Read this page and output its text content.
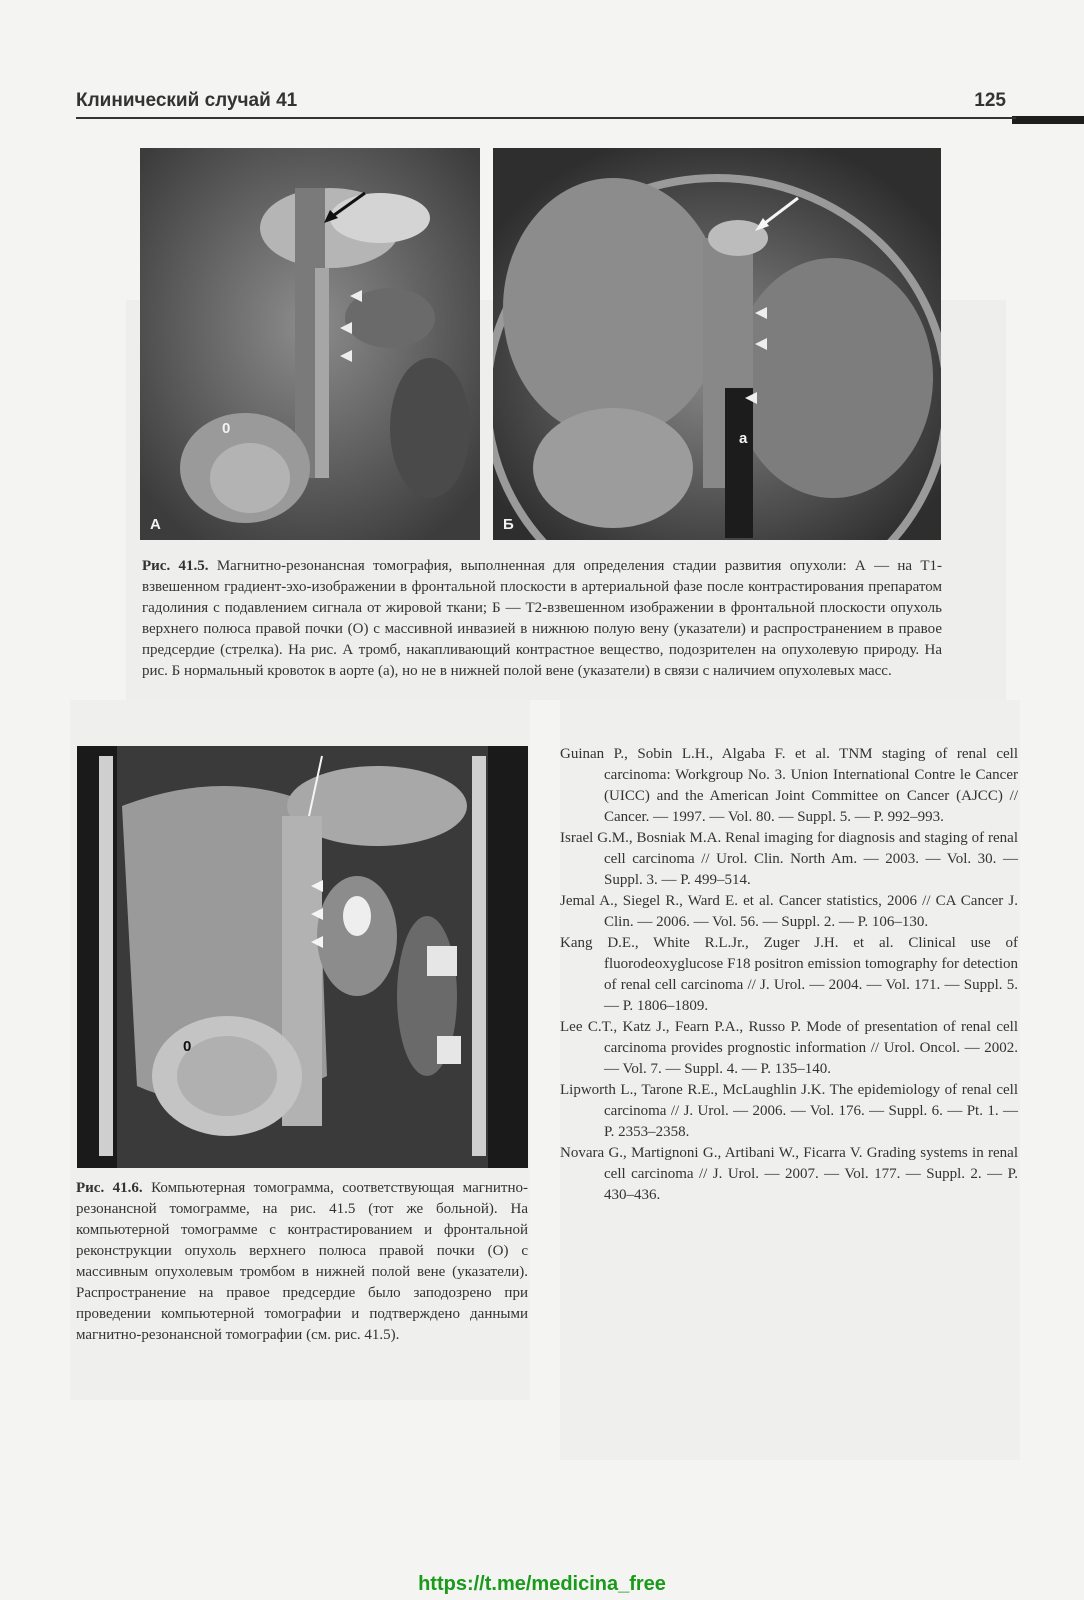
Клинический случай 41	125
0
А
а
Б
Рис. 41.5. Магнитно-резонансная томография, выполненная для определения стадии развития опухоли: А — на Т1-взвешенном градиент-эхо-изображении в фронтальной плоскости в артериальной фазе после контрастирования препаратом гадолиния с подавлением сигнала от жировой ткани; Б — Т2-взвешенном изображении в фронтальной плоскости опухоль верхнего полюса правой почки (О) с массивной инвазией в нижнюю полую вену (указатели) и распространением в правое предсердие (стрелка). На рис. А тромб, накапливающий контрастное вещество, подозрителен на опухолевую природу. На рис. Б нормальный кровоток в аорте (а), но не в нижней полой вене (указатели) в связи с наличием опухолевых масс.
0
Рис. 41.6. Компьютерная томограмма, соответствующая магнитно-резонансной томограмме, на рис. 41.5 (тот же больной). На компьютерной томограмме с контрастированием и фронтальной реконструкции опухоль верхнего полюса правой почки (О) с массивным опухолевым тромбом в нижней полой вене (указатели). Распространение на правое предсердие было заподозрено при проведении компьютерной томографии и подтверждено данными магнитно-резонансной томографии (см. рис. 41.5).

Guinan P., Sobin L.H., Algaba F. et al. TNM staging of renal cell carcinoma: Workgroup No. 3. Union International Contre le Cancer (UICC) and the American Joint Committee on Cancer (AJCC) // Cancer. — 1997. — Vol. 80. — Suppl. 5. — P. 992–993.

Israel G.M., Bosniak M.A. Renal imaging for diagnosis and staging of renal cell carcinoma // Urol. Clin. North Am. — 2003. — Vol. 30. — Suppl. 3. — P. 499–514.

Jemal A., Siegel R., Ward E. et al. Cancer statistics, 2006 // CA Cancer J. Clin. — 2006. — Vol. 56. — Suppl. 2. — P. 106–130.

Kang D.E., White R.L.Jr., Zuger J.H. et al. Clinical use of fluorodeoxyglucose F18 positron emission tomography for detection of renal cell carcinoma // J. Urol. — 2004. — Vol. 171. — Suppl. 5. — P. 1806–1809.

Lee C.T., Katz J., Fearn P.A., Russo P. Mode of presentation of renal cell carcinoma provides prognostic information // Urol. Oncol. — 2002. — Vol. 7. — Suppl. 4. — P. 135–140.

Lipworth L., Tarone R.E., McLaughlin J.K. The epidemiology of renal cell carcinoma // J. Urol. — 2006. — Vol. 176. — Suppl. 6. — Pt. 1. — P. 2353–2358.

Novara G., Martignoni G., Artibani W., Ficarra V. Grading systems in renal cell carcinoma // J. Urol. — 2007. — Vol. 177. — Suppl. 2. — P. 430–436.

https://t.me/medicina_free
